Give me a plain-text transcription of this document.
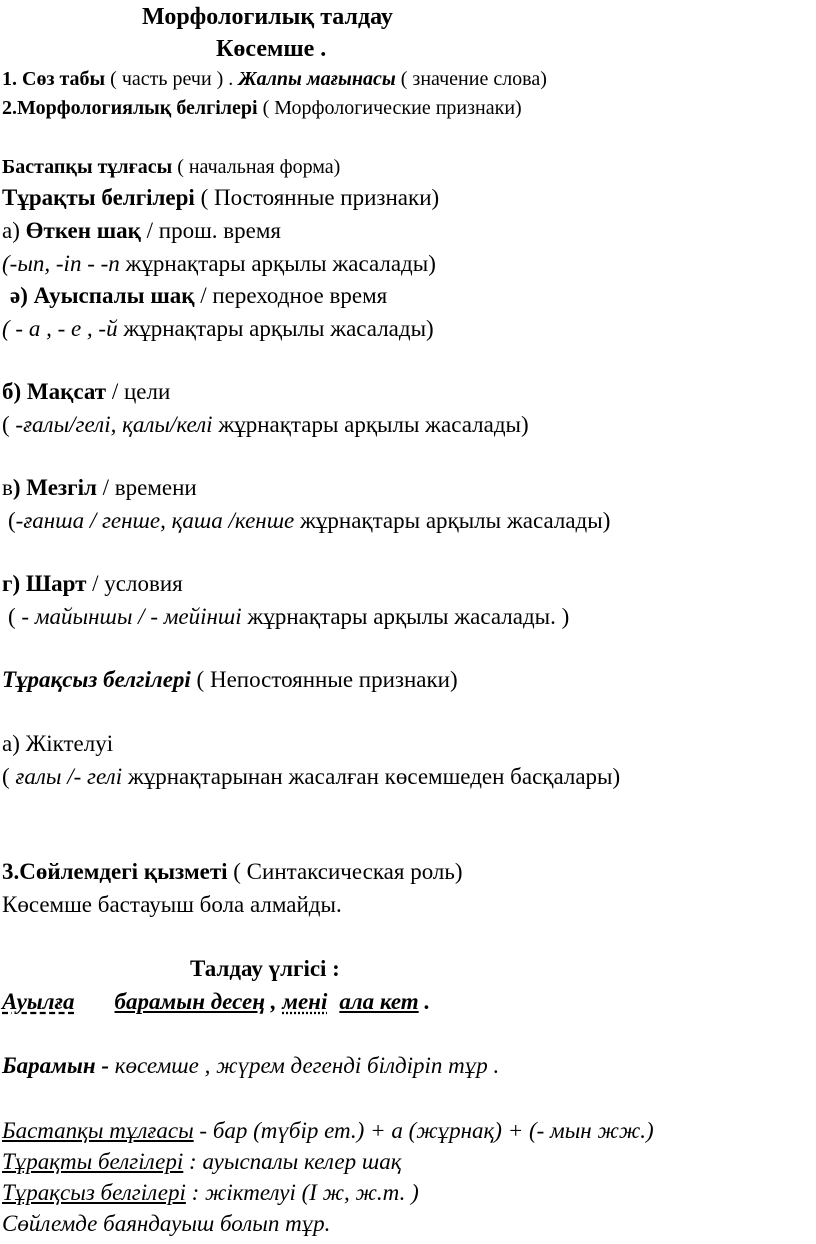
Морфологилық талдау
Көсемше .
1. Сөз табы ( часть речи ) . Жалпы мағынасы ( значение слова)
2.Морфологиялық белгілері ( Морфологические признаки)
Бастапқы тұлғасы ( начальная форма)
Тұрақты белгілері ( Постоянные признаки)
а) Өткен шақ / прош. время
(-ып, -іп - -п жұрнақтары арқылы жасалады)
ә) Ауыспалы шақ / переходное время
( - а , - е , -й жұрнақтары арқылы жасалады)
б) Мақсат / цели
( -ғалы/гелі, қалы/келі жұрнақтары арқылы жасалады)
в) Мезгіл / времени
(-ғанша / генше, қаша /кенше жұрнақтары арқылы жасалады)
г) Шарт / условия
( - майыншы / - мейінші жұрнақтары арқылы жасалады. )
Тұрақсыз белгілері ( Непостоянные признаки)
а) Жіктелуі
( ғалы /- гелі жұрнақтарынан жасалған көсемшеден басқалары)
3.Сөйлемдегі қызметі ( Синтаксическая роль)
Көсемше бастауыш бола алмайды.
Талдау үлгісі :
Ауылға барамын десең , мені ала кет .
Барамын - көсемше , жүрем дегенді білдіріп тұр .
Бастапқы тұлғасы - бар (түбір ет.) + а (жұрнақ) + (- мын жж.)
Тұрақты белгілері : ауыспалы келер шақ
Тұрақсыз белгілері : жіктелуі (І ж, ж.т. )
Сөйлемде баяндауыш болып тұр.
